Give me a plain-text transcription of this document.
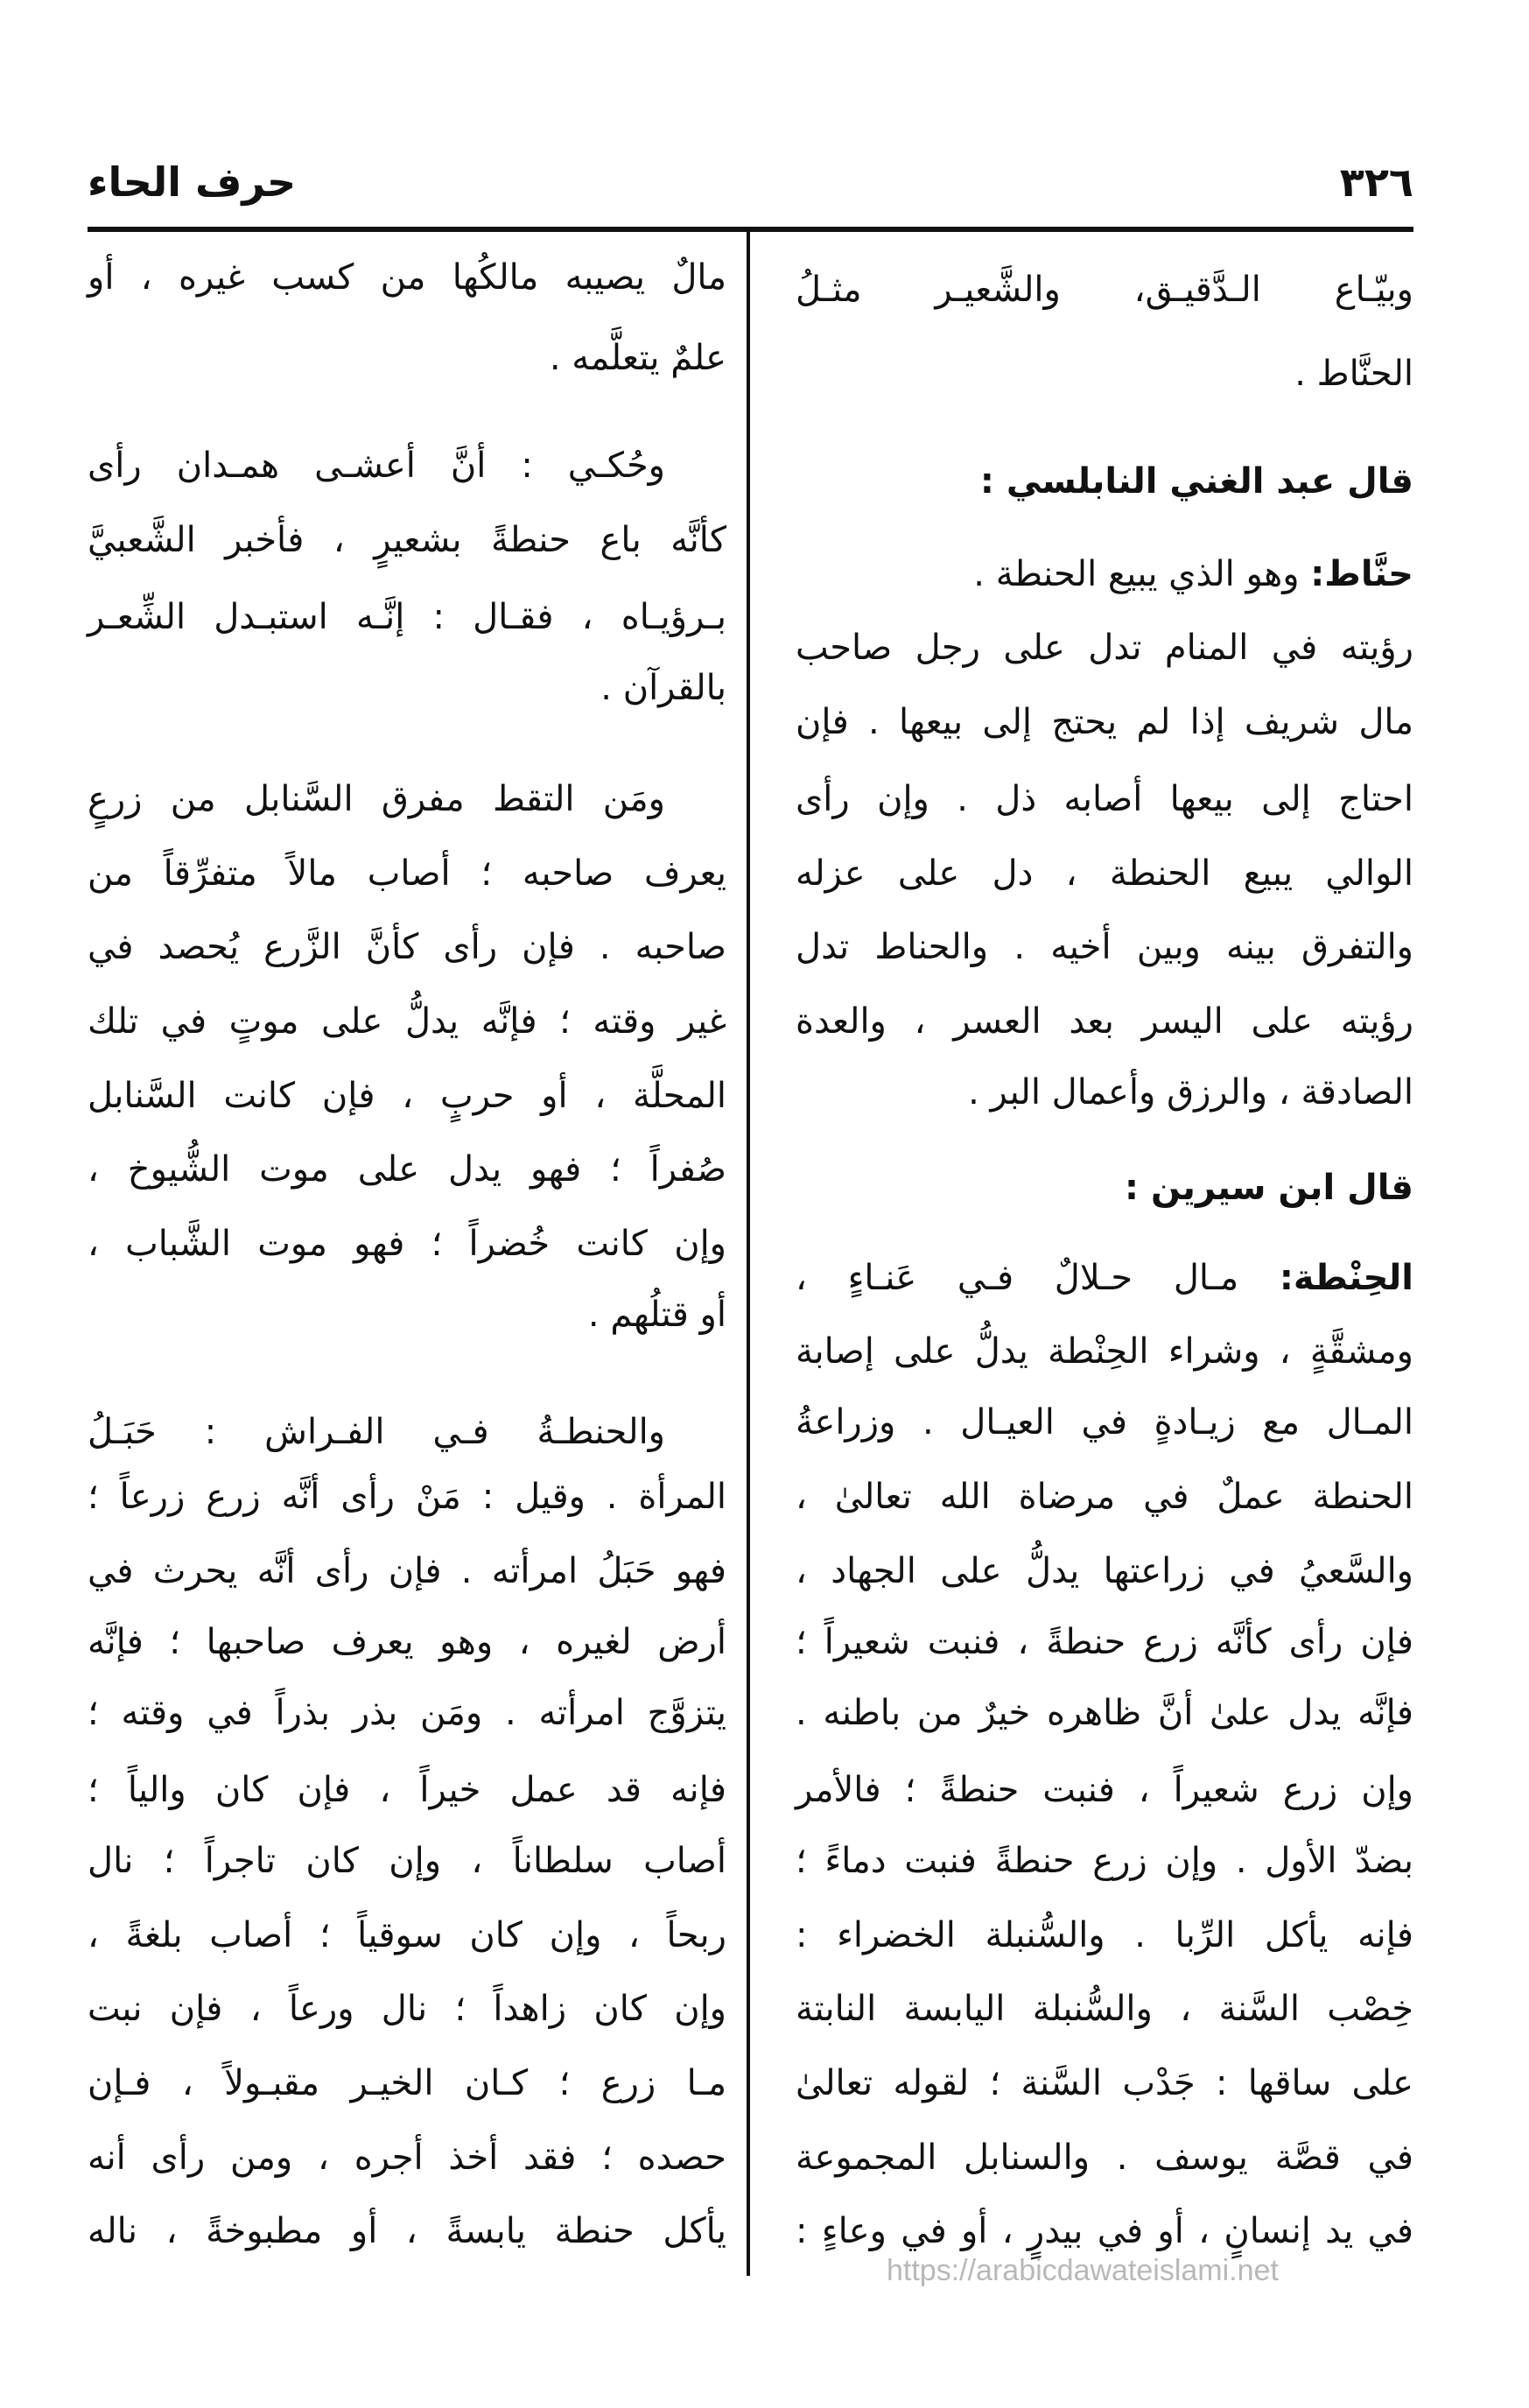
٣٢٦
حرف الحاء
وبيّـاع الـدَّقيـق، والشَّعيـر مثـلُ
الحنَّاط .
قال عبد الغني النابلسي :
حنَّاط: وهو الذي يبيع الحنطة .
رؤيته في المنام تدل على رجل صاحب
مال شريف إذا لم يحتج إلى بيعها . فإن
احتاج إلى بيعها أصابه ذل . وإن رأى
الوالي يبيع الحنطة ، دل على عزله
والتفرق بينه وبين أخيه . والحناط تدل
رؤيته على اليسر بعد العسر ، والعدة
الصادقة ، والرزق وأعمال البر .
قال ابن سيرين :
الحِنْطة: مـال حـلالٌ فـي عَنـاءٍ ،
ومشقَّةٍ ، وشراء الحِنْطة يدلُّ على إصابة
المـال مع زيـادةٍ في العيـال . وزراعةُ
الحنطة عملٌ في مرضاة الله تعالىٰ ،
والسَّعيُ في زراعتها يدلُّ على الجهاد ،
فإن رأى كأنَّه زرع حنطةً ، فنبت شعيراً ؛
فإنَّه يدل علىٰ أنَّ ظاهره خيرٌ من باطنه .
وإن زرع شعيراً ، فنبت حنطةً ؛ فالأمر
بضدّ الأول . وإن زرع حنطةً فنبت دماءً ؛
فإنه يأكل الرِّبا . والسُّنبلة الخضراء :
خِصْب السَّنة ، والسُّنبلة اليابسة النابتة
على ساقها : جَدْب السَّنة ؛ لقوله تعالىٰ
في قصَّة يوسف . والسنابل المجموعة
في يد إنسانٍ ، أو في بيدرٍ ، أو في وعاءٍ :
مالٌ يصيبه مالكُها من كسب غيره ، أو
علمٌ يتعلَّمه .
وحُكـي : أنَّ أعشـى همـدان رأى
كأنَّه باع حنطةً بشعيرٍ ، فأخبر الشَّعبيَّ
بـرؤيـاه ، فقـال : إنَّـه استبـدل الشِّعـر
بالقرآن .
ومَن التقط مفرق السَّنابل من زرعٍ
يعرف صاحبه ؛ أصاب مالاً متفرِّقاً من
صاحبه . فإن رأى كأنَّ الزَّرع يُحصد في
غير وقته ؛ فإنَّه يدلُّ على موتٍ في تلك
المحلَّة ، أو حربٍ ، فإن كانت السَّنابل
صُفراً ؛ فهو يدل على موت الشُّيوخ ،
وإن كانت خُضراً ؛ فهو موت الشَّباب ،
أو قتلُهم .
والحنطـةُ فـي الفـراش : حَبَـلُ
المرأة . وقيل : مَنْ رأى أنَّه زرع زرعاً ؛
فهو حَبَلُ امرأته . فإن رأى أنَّه يحرث في
أرض لغيره ، وهو يعرف صاحبها ؛ فإنَّه
يتزوَّج امرأته . ومَن بذر بذراً في وقته ؛
فإنه قد عمل خيراً ، فإن كان والياً ؛
أصاب سلطاناً ، وإن كان تاجراً ؛ نال
ربحاً ، وإن كان سوقياً ؛ أصاب بلغةً ،
وإن كان زاهداً ؛ نال ورعاً ، فإن نبت
مـا زرع ؛ كـان الخيـر مقبـولاً ، فـإن
حصده ؛ فقد أخذ أجره ، ومن رأى أنه
يأكل حنطة يابسةً ، أو مطبوخةً ، ناله
https://arabicdawateislami.net
